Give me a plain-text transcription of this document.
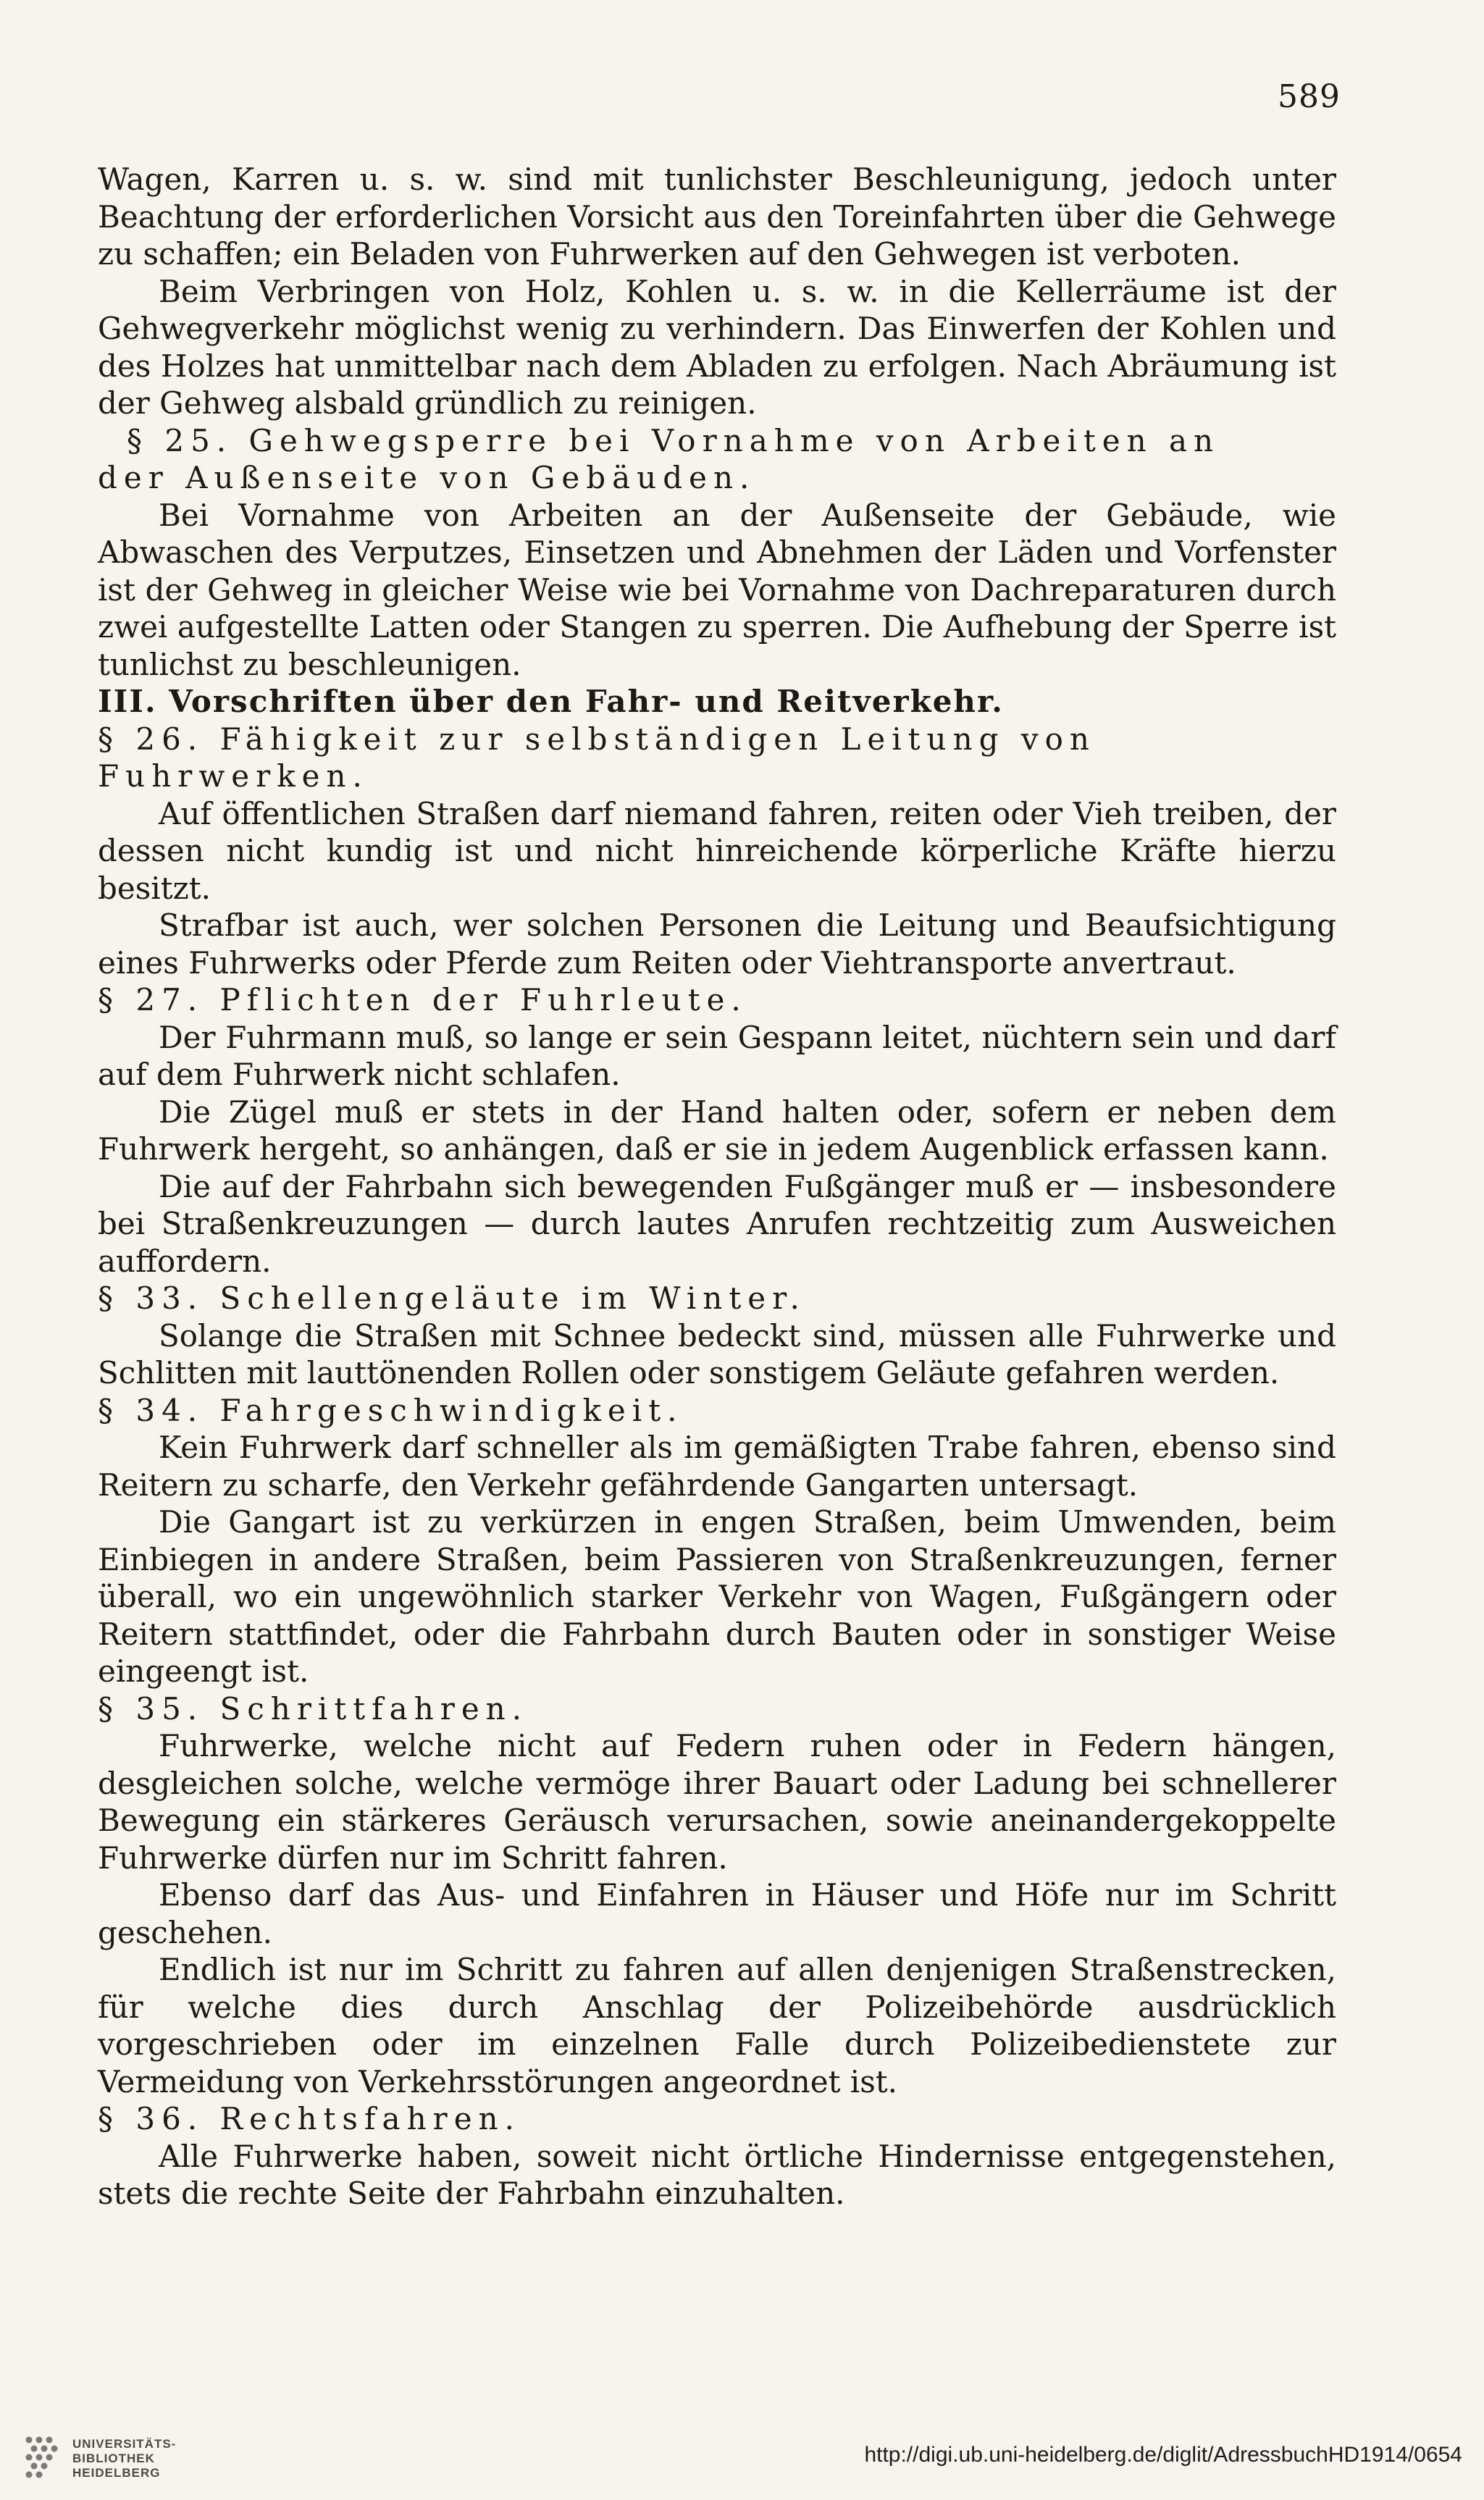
589

Wagen, Karren u. s. w. sind mit tunlichster Beschleunigung, jedoch unter Beachtung der erforderlichen Vorsicht aus den Toreinfahrten über die Gehwege zu schaffen; ein Beladen von Fuhrwerken auf den Gehwegen ist verboten.

Beim Verbringen von Holz, Kohlen u. s. w. in die Kellerräume ist der Gehwegverkehr möglichst wenig zu verhindern. Das Einwerfen der Kohlen und des Holzes hat unmittelbar nach dem Abladen zu erfolgen. Nach Abräumung ist der Gehweg alsbald gründlich zu reinigen.

§ 25. Gehwegsperre bei Vornahme von Arbeiten an

der Außenseite von Gebäuden.

Bei Vornahme von Arbeiten an der Außenseite der Gebäude, wie Abwaschen des Verputzes, Einsetzen und Abnehmen der Läden und Vorfenster ist der Gehweg in gleicher Weise wie bei Vornahme von Dachreparaturen durch zwei aufgestellte Latten oder Stangen zu sperren. Die Aufhebung der Sperre ist tunlichst zu beschleunigen.

III. Vorschriften über den Fahr- und Reitverkehr.

§ 26. Fähigkeit zur selbständigen Leitung von

Fuhrwerken.

Auf öffentlichen Straßen darf niemand fahren, reiten oder Vieh treiben, der dessen nicht kundig ist und nicht hinreichende körperliche Kräfte hierzu besitzt.

Strafbar ist auch, wer solchen Personen die Leitung und Beaufsichtigung eines Fuhrwerks oder Pferde zum Reiten oder Viehtransporte anvertraut.

§ 27. Pflichten der Fuhrleute.

Der Fuhrmann muß, so lange er sein Gespann leitet, nüchtern sein und darf auf dem Fuhrwerk nicht schlafen.

Die Zügel muß er stets in der Hand halten oder, sofern er neben dem Fuhrwerk hergeht, so anhängen, daß er sie in jedem Augenblick erfassen kann.

Die auf der Fahrbahn sich bewegenden Fußgänger muß er — insbesondere bei Straßenkreuzungen — durch lautes Anrufen rechtzeitig zum Ausweichen auffordern.

§ 33. Schellengeläute im Winter.

Solange die Straßen mit Schnee bedeckt sind, müssen alle Fuhrwerke und Schlitten mit lauttönenden Rollen oder sonstigem Geläute gefahren werden.

§ 34. Fahrgeschwindigkeit.

Kein Fuhrwerk darf schneller als im gemäßigten Trabe fahren, ebenso sind Reitern zu scharfe, den Verkehr gefährdende Gangarten untersagt.

Die Gangart ist zu verkürzen in engen Straßen, beim Umwenden, beim Einbiegen in andere Straßen, beim Passieren von Straßenkreuzungen, ferner überall, wo ein ungewöhnlich starker Verkehr von Wagen, Fußgängern oder Reitern stattfindet, oder die Fahrbahn durch Bauten oder in sonstiger Weise eingeengt ist.

§ 35. Schrittfahren.

Fuhrwerke, welche nicht auf Federn ruhen oder in Federn hängen, desgleichen solche, welche vermöge ihrer Bauart oder Ladung bei schnellerer Bewegung ein stärkeres Geräusch verursachen, sowie aneinandergekoppelte Fuhrwerke dürfen nur im Schritt fahren.

Ebenso darf das Aus- und Einfahren in Häuser und Höfe nur im Schritt geschehen.

Endlich ist nur im Schritt zu fahren auf allen denjenigen Straßenstrecken, für welche dies durch Anschlag der Polizeibehörde ausdrücklich vorgeschrieben oder im einzelnen Falle durch Polizeibedienstete zur Vermeidung von Verkehrsstörungen angeordnet ist.

§ 36. Rechtsfahren.

Alle Fuhrwerke haben, soweit nicht örtliche Hindernisse entgegenstehen, stets die rechte Seite der Fahrbahn einzuhalten.

UNIVERSITÄTS-
BIBLIOTHEK
HEIDELBERG
http://digi.ub.uni-heidelberg.de/diglit/AdressbuchHD1914/0654
